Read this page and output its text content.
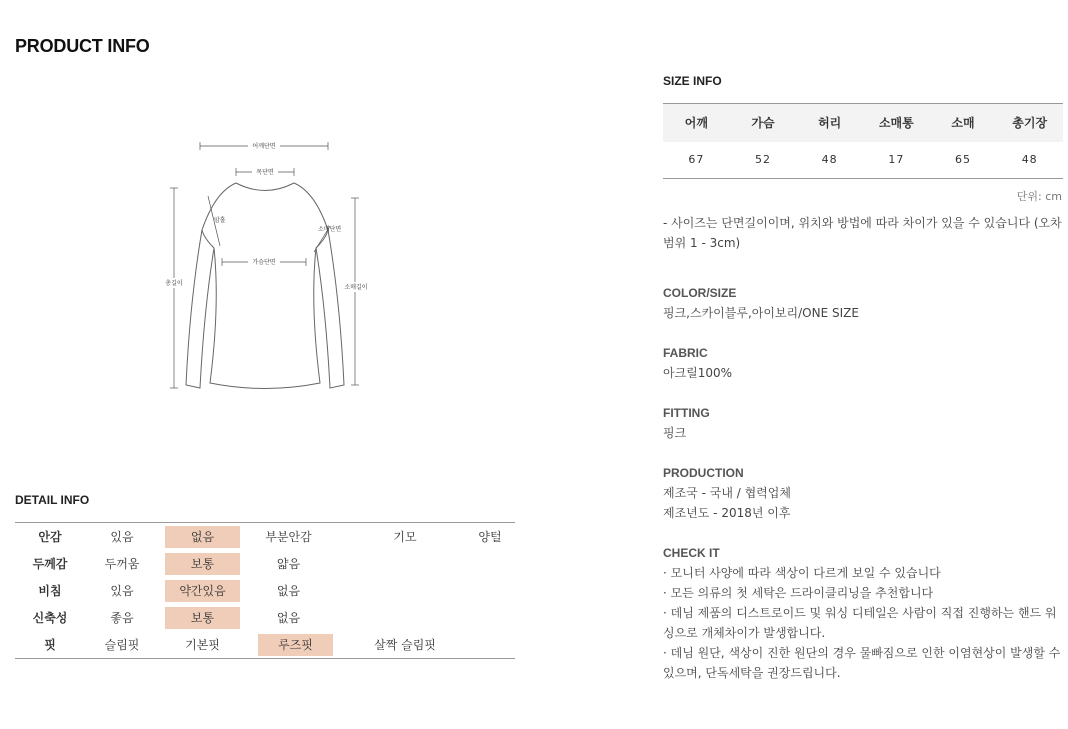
PRODUCT INFO
어깨단면
목단면
암홀
소매단면
가슴단면
총길이
소매길이
DETAIL INFO
안감	있음	없음	부분안감	기모	양털
두께감	두꺼움	보통	얇음
비침	있음	약간있음	없음
신축성	좋음	보통	없음
핏	슬림핏	기본핏	루즈핏	살짝 슬림핏
SIZE INFO
어깨	가슴	허리	소매통	소매	총기장
67	52	48	17	65	48
단위: cm
- 사이즈는 단면길이이며, 위치와 방법에 따라 차이가 있을 수 있습니다 (오차범위 1 - 3cm)
COLOR/SIZE
핑크,스카이블루,아이보리/ONE SIZE
FABRIC
아크릴100%
FITTING
핑크
PRODUCTION
제조국 - 국내 / 협력업체
제조년도 - 2018년 이후
CHECK IT
· 모니터 사양에 따라 색상이 다르게 보일 수 있습니다
· 모든 의류의 첫 세탁은 드라이클리닝을 추천합니다
· 데님 제품의 디스트로이드 및 워싱 디테일은 사람이 직접 진행하는 핸드 워싱으로 개체차이가 발생합니다.
· 데님 원단, 색상이 진한 원단의 경우 물빠짐으로 인한 이염현상이 발생할 수 있으며, 단독세탁을 권장드립니다.
